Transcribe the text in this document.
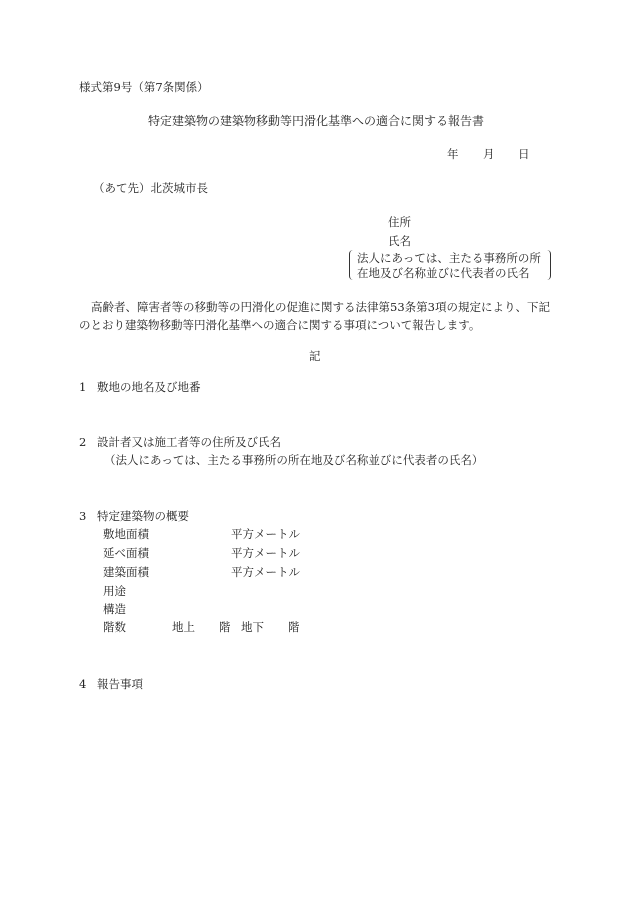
様式第9号（第7条関係）
特定建築物の建築物移動等円滑化基準への適合に関する報告書
年 月 日
（あて先）北茨城市長
住所
氏名
法人にあっては、主たる事務所の所
在地及び名称並びに代表者の氏名
高齢者、障害者等の移動等の円滑化の促進に関する法律第53条第3項の規定により、下記
のとおり建築物移動等円滑化基準への適合に関する事項について報告します。
記
1 敷地の地名及び地番
2 設計者又は施工者等の住所及び氏名
（法人にあっては、主たる事務所の所在地及び名称並びに代表者の氏名）
3 特定建築物の概要
敷地面積	平方メートル
延べ面積	平方メートル
建築面積	平方メートル
用途
構造
階数	地上 階 地下 階
4 報告事項
